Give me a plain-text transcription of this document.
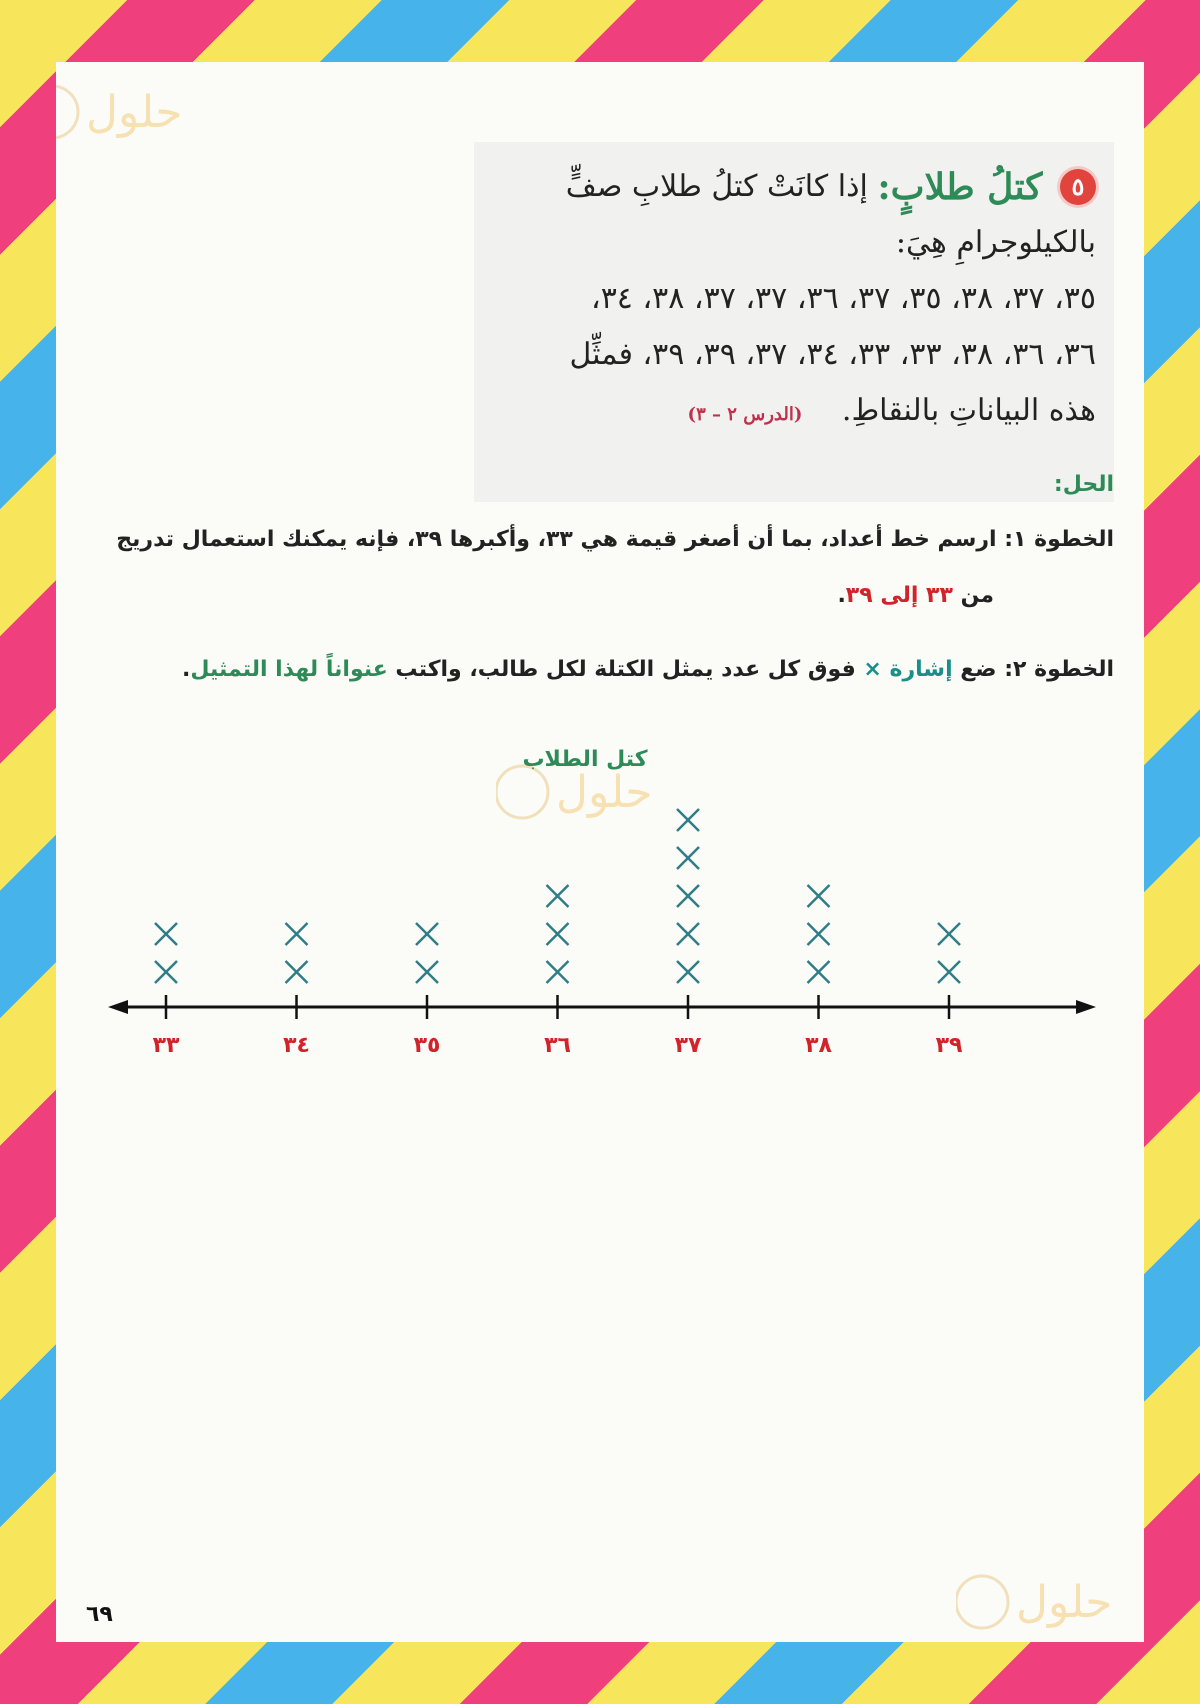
حلول
حلول
حلول
٥ كتلُ طلابٍ: إذا كانَتْ كتلُ طلابِ صفٍّ
بالكيلوجرامِ هِيَ:
٣٥، ٣٧، ٣٨، ٣٥، ٣٧، ٣٦، ٣٧، ٣٧، ٣٨، ٣٤،
٣٦، ٣٦، ٣٨، ٣٣، ٣٣، ٣٤، ٣٧، ٣٩، ٣٩، فمثِّل
هذه البياناتِ بالنقاطِ. (الدرس ٢ – ٣)
الحل:
الخطوة ١: ارسم خط أعداد، بما أن أصغر قيمة هي ٣٣، وأكبرها ٣٩، فإنه يمكنك استعمال تدريج
من ٣٣ إلى ٣٩.
الخطوة ٢: ضع إشارة × فوق كل عدد يمثل الكتلة لكل طالب، واكتب عنواناً لهذا التمثيل.
كتل الطلاب
٣٣	٣٤	٣٥	٣٦	٣٧	٣٨	٣٩
٦٩
